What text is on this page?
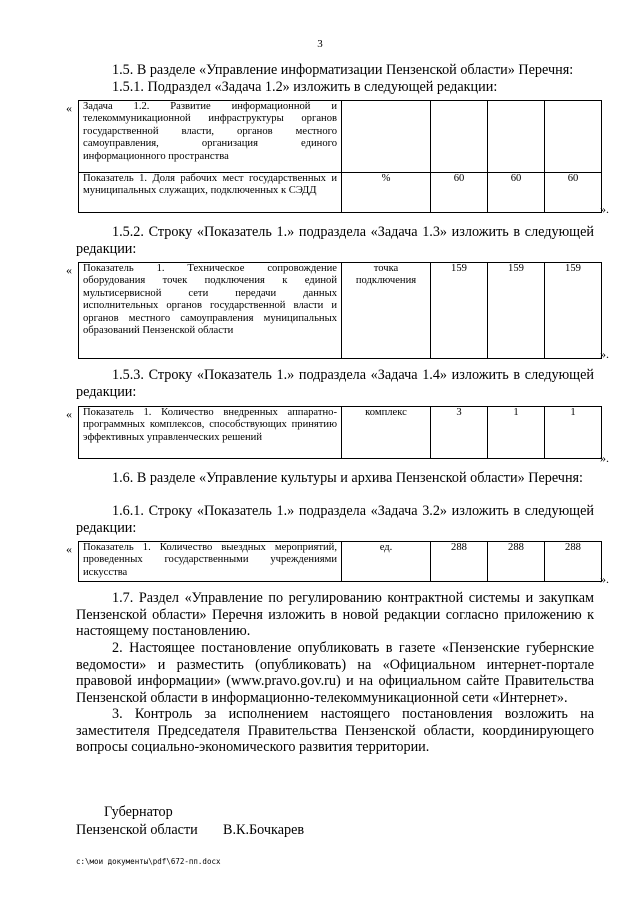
3
1.5. В разделе «Управление информатизации Пензенской области» Перечня:
1.5.1. Подраздел «Задача 1.2» изложить в следующей редакции:
« Задача 1.2. Развитие информационной и телекоммуникационной инфраструктуры органов государственной власти, органов местного самоуправления, организация единого информационного пространства				
Показатель 1. Доля рабочих мест государственных и муниципальных служащих, подключенных к СЭДД	%	60	60	60
».
1.5.2. Строку «Показатель 1.» подраздела «Задача 1.3» изложить в следующей редакции:
« Показатель 1. Техническое сопровождение оборудования точек подключения к единой мультисервисной сети передачи данных исполнительных органов государственной власти и органов местного самоуправления муниципальных образований Пензенской области	точка подключения	159	159	159
».
1.5.3. Строку «Показатель 1.» подраздела «Задача 1.4» изложить в следующей редакции:
« Показатель 1. Количество внедренных аппаратно-программных комплексов, способствующих принятию эффективных управленческих решений	комплекс	3	1	1
».
1.6. В разделе «Управление культуры и архива Пензенской области» Перечня:
1.6.1. Строку «Показатель 1.» подраздела «Задача 3.2» изложить в следующей редакции:
« Показатель 1. Количество выездных мероприятий, проведенных государственными учреждениями искусства	ед.	288	288	288
».
1.7. Раздел «Управление по регулированию контрактной системы и закупкам Пензенской области» Перечня изложить в новой редакции согласно приложению к настоящему постановлению.
2. Настоящее постановление опубликовать в газете «Пензенские губернские ведомости» и разместить (опубликовать) на «Официальном интернет-портале правовой информации» (www.pravo.gov.ru) и на официальном сайте Правительства Пензенской области в информационно-телекоммуникационной сети «Интернет».
3. Контроль за исполнением настоящего постановления возложить на заместителя Председателя Правительства Пензенской области, координирующего вопросы социально-экономического развития территории.
Губернатор
Пензенской области В.К.Бочкарев
c:\мои документы\pdf\672-пп.docx
